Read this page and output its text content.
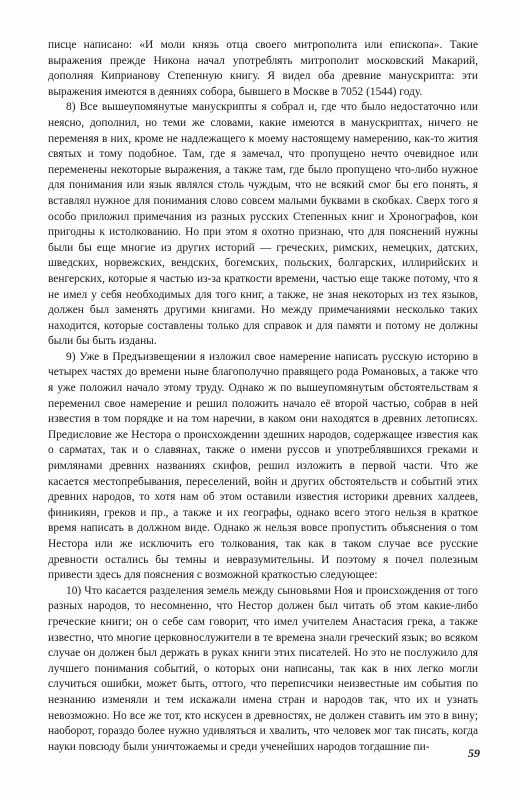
писце написано: «И моли князь отца своего митрополита или епископа». Такие выражения прежде Никона начал употреблять митрополит московский Макарий, дополняя Киприанову Степенную книгу. Я видел оба древние манускрипта: эти выражения имеются в деяниях собора, бывшего в Москве в 7052 (1544) году.

8) Все вышеупомянутые манускрипты я собрал и, где что было недостаточно или неясно, дополнил, но теми же словами, какие имеются в манускриптах, ничего не переменяя в них, кроме не надлежащего к моему настоящему намерению, как-то жития святых и тому подобное. Там, где я замечал, что пропущено нечто очевидное или переменены некоторые выражения, а также там, где было пропущено что-либо нужное для понимания или язык являлся столь чуждым, что не всякий смог бы его понять, я вставлял нужное для понимания слово совсем малыми буквами в скобках. Сверх того я особо приложил примечания из разных русских Степенных книг и Хронографов, кои пригодны к истолкованию. Но при этом я охотно признаю, что для пояснений нужны были бы еще многие из других историй — греческих, римских, немецких, датских, шведских, норвежских, вендских, богемских, польских, болгарских, иллирийских и венгерских, которые я частью из-за краткости времени, частью еще также потому, что я не имел у себя необходимых для того книг, а также, не зная некоторых из тех языков, должен был заменять другими книгами. Но между примечаниями несколько таких находится, которые составлены только для справок и для памяти и потому не должны были бы быть изданы.

9) Уже в Предъизвещении я изложил свое намерение написать русскую историю в четырех частях до времени ныне благополучно правящего рода Романовых, а также что я уже положил начало этому труду. Однако ж по вышеупомянутым обстоятельствам я переменил свое намерение и решил положить начало её второй частью, собрав в ней известия в том порядке и на том наречии, в каком они находятся в древних летописях. Предисловие же Нестора о происхождении здешних народов, содержащее известия как о сарматах, так и о славянах, также о имени руссов и употреблявшихся греками и римлянами древних названиях скифов, решил изложить в первой части. Что же касается местопребывания, переселений, войн и других обстоятельств и событий этих древних народов, то хотя нам об этом оставили известия историки древних халдеев, финикиян, греков и пр., а также и их географы, однако всего этого нельзя в краткое время написать в должном виде. Однако ж нельзя вовсе пропустить объяснения о том Нестора или же исключить его толкования, так как в таком случае все русские древности остались бы темны и невразумительны. И поэтому я почел полезным привести здесь для пояснения с возможной краткостью следующее:

10) Что касается разделения земель между сыновьями Ноя и происхождения от того разных народов, то несомненно, что Нестор должен был читать об этом какие-либо греческие книги; он о себе сам говорит, что имел учителем Анастасия грека, а также известно, что многие церковнослужители в те времена знали греческий язык; во всяком случае он должен был держать в руках книги этих писателей. Но это не послужило для лучшего понимания событий, о которых они написаны, так как в них легко могли случиться ошибки, может быть, оттого, что переписчики неизвестные им события по незнанию изменяли и тем искажали имена стран и народов так, что их и узнать невозможно. Но все же тот, кто искусен в древностях, не должен ставить им это в вину; наоборот, гораздо более нужно удивляться и хвалить, что человек мог так писать, когда науки повсюду были уничтожаемы и среди ученейших народов тогдашние пи-	59
